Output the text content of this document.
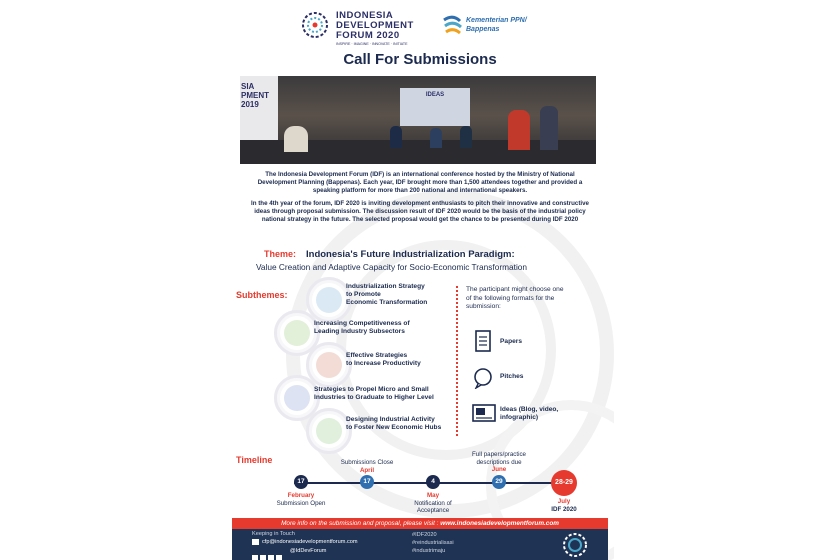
INDONESIA
DEVELOPMENT
FORUM 2020
INSPIRE · IMAGINE · INNOVATE · INITIATE
Kementerian PPN/
Bappenas
Call For Submissions
SIA
PMENT
2019
IDEAS
The Indonesia Development Forum (IDF) is an international conference hosted by the Ministry of National Development Planning (Bappenas). Each year, IDF brought more than 1,500 attendees together and provided a speaking platform for more than 200 national and international speakers.
In the 4th year of the forum, IDF 2020 is inviting development enthusiasts to pitch their innovative and constructive ideas through proposal submission. The discussion result of IDF 2020 would be the basis of the industrial policy national strategy in the future. The selected proposal would get the chance to be presented during IDF 2020
Theme: Indonesia's Future Industrialization Paradigm:
Value Creation and Adaptive Capacity for Socio-Economic Transformation
Subthemes:
Industrialization Strategy
to Promote
Economic Transformation
Increasing Competitiveness of
Leading Industry Subsectors
Effective Strategies
to Increase Productivity
Strategies to Propel Micro and Small
Industries to Graduate to Higher Level
Designing Industrial Activity
to Foster New Economic Hubs
The participant might choose one
of the following formats for the
submission:
Papers
Pitches
Ideas (Blog, video,
infographic)
Timeline
17
February
Submission Open
Submissions Close
April
17	4
May
Notification of
Acceptance
Full papers/practice
descriptions due
June
29	28-29
July
IDF 2020
More info on the submission and proposal, please visit : www.indonesiadevelopmentforum.com
Keeping in Touch
cfp@indonesiadevelopmentforum.com
@IdDevForum
#IDF2020
#reindustrialisasi
#industrimaju
